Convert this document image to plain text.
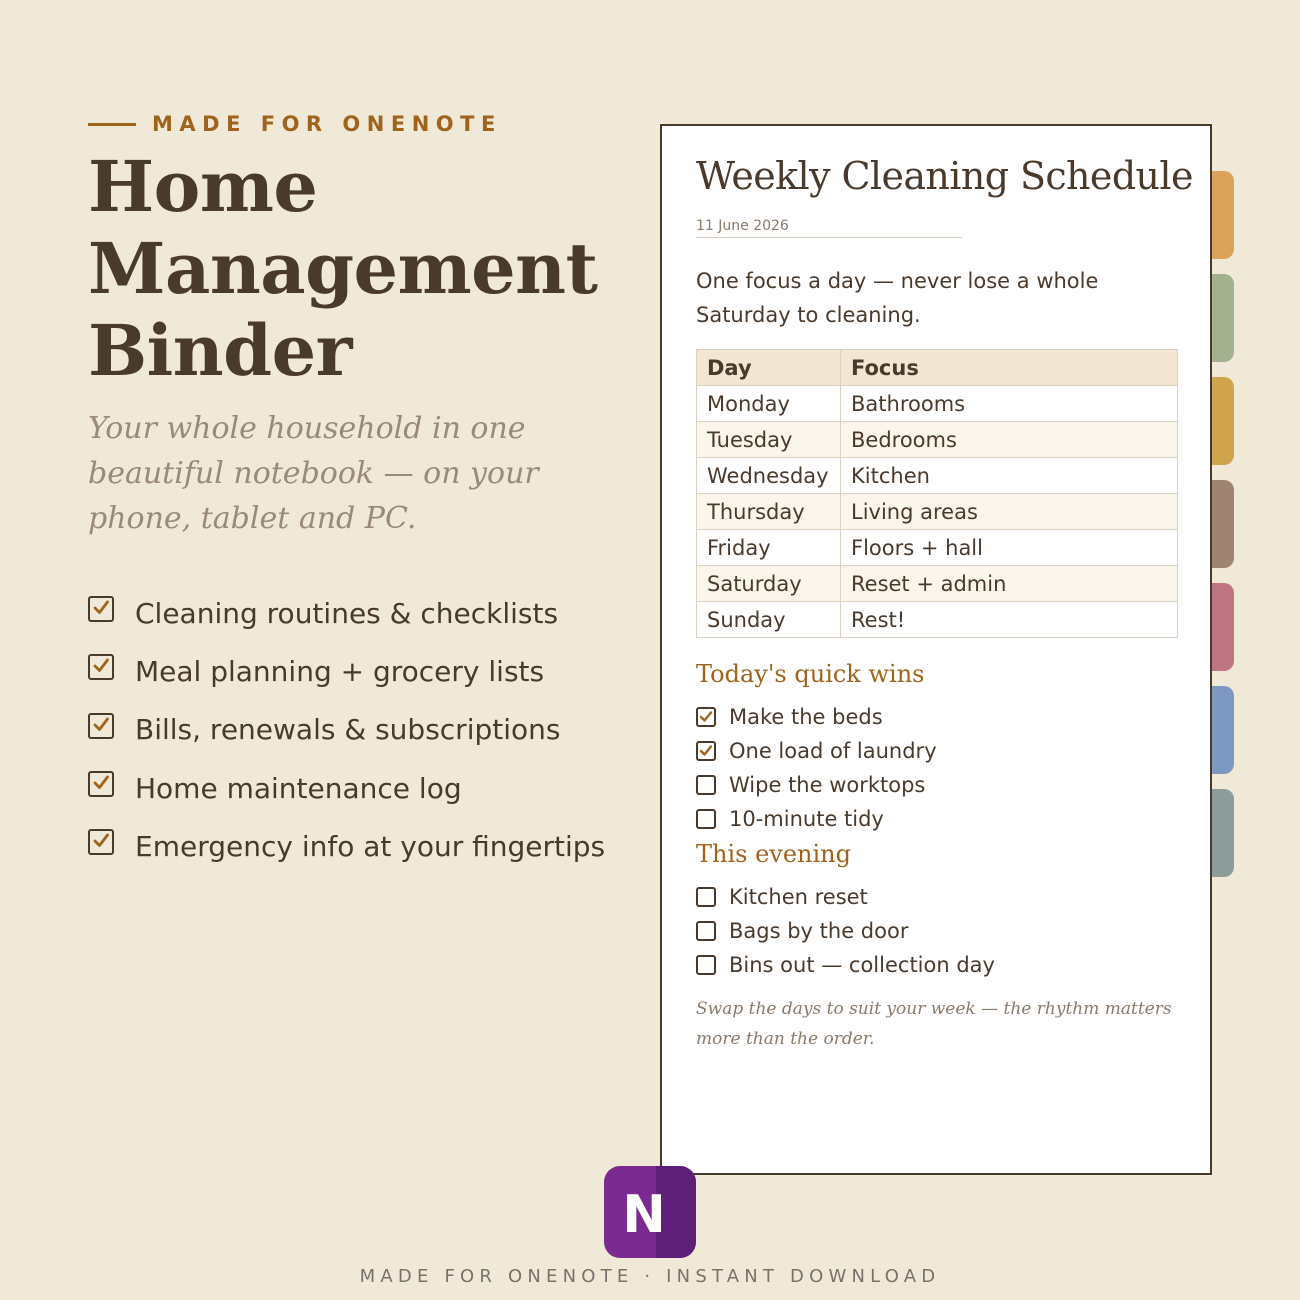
MADE FOR ONENOTE
Home
Management
Binder

Your whole household in one beautiful notebook — on your phone, tablet and PC.

Cleaning routines & checklists
Meal planning + grocery lists
Bills, renewals & subscriptions
Home maintenance log
Emergency info at your fingertips
Weekly Cleaning Schedule
11 June 2026

One focus a day — never lose a whole Saturday to cleaning.

Day	Focus
Monday	Bathrooms
Tuesday	Bedrooms
Wednesday	Kitchen
Thursday	Living areas
Friday	Floors + hall
Saturday	Reset + admin
Sunday	Rest!
Today's quick wins
Make the beds
One load of laundry
Wipe the worktops
10-minute tidy
This evening
Kitchen reset
Bags by the door
Bins out — collection day

Swap the days to suit your week — the rhythm matters more than the order.

N
MADE FOR ONENOTE · INSTANT DOWNLOAD
